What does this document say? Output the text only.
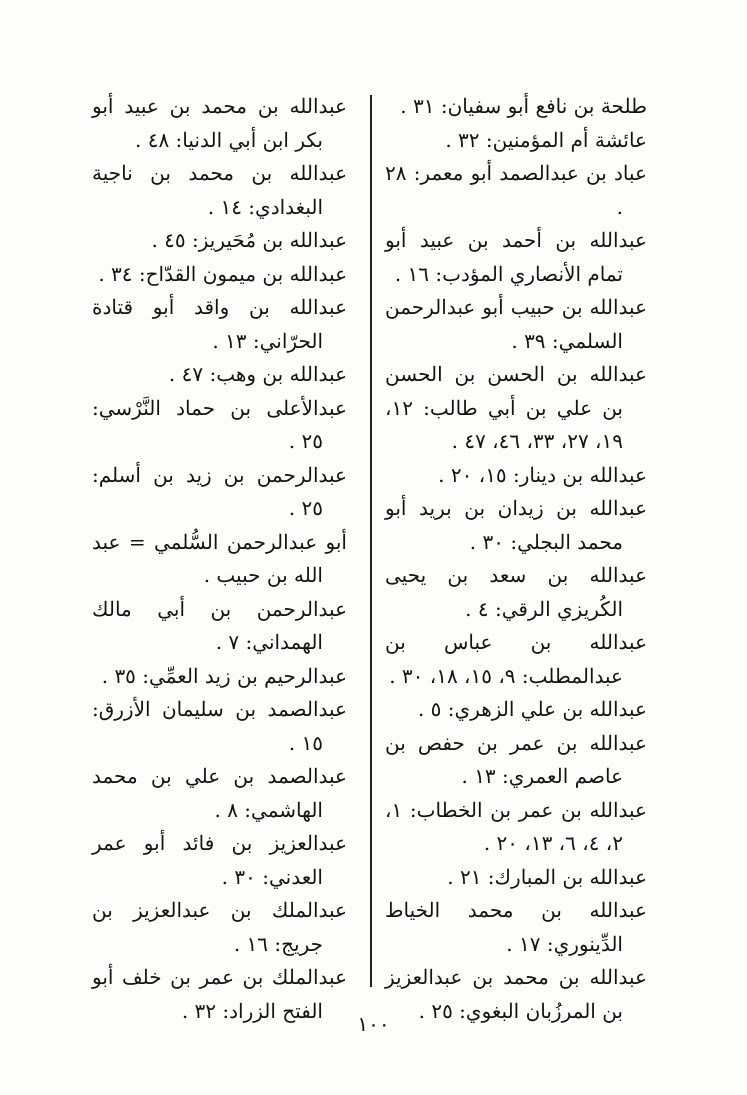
طلحة بن نافع أبو سفيان: ٣١ .

عائشة أم المؤمنين: ٣٢ .

عباد بن عبدالصمد أبو معمر: ٢٨ .

عبدالله بن أحمد بن عبيد أبو تمام الأنصاري المؤدب: ١٦ .

عبدالله بن حبيب أبو عبدالرحمن السلمي: ٣٩ .

عبدالله بن الحسن بن الحسن بن علي بن أبي طالب: ١٢، ١٩، ٢٧، ٣٣، ٤٦، ٤٧ .

عبدالله بن دينار: ١٥، ٢٠ .

عبدالله بن زيدان بن بريد أبو محمد البجلي: ٣٠ .

عبدالله بن سعد بن يحيى الكُريزي الرقي: ٤ .

عبدالله بن عباس بن عبدالمطلب: ٩، ١٥، ١٨، ٣٠ .

عبدالله بن علي الزهري: ٥ .

عبدالله بن عمر بن حفص بن عاصم العمري: ١٣ .

عبدالله بن عمر بن الخطاب: ١، ٢، ٤، ٦، ١٣، ٢٠ .

عبدالله بن المبارك: ٢١ .

عبدالله بن محمد الخياط الدِّينوري: ١٧ .

عبدالله بن محمد بن عبدالعزيز بن المرزُبان البغوي: ٢٥ .

عبدالله بن محمد بن عبيد أبو بكر ابن أبي الدنيا: ٤٨ .

عبدالله بن محمد بن ناجية البغدادي: ١٤ .

عبدالله بن مُحَيريز: ٤٥ .

عبدالله بن ميمون القدّاح: ٣٤ .

عبدالله بن واقد أبو قتادة الحرّاني: ١٣ .

عبدالله بن وهب: ٤٧ .

عبدالأعلى بن حماد النَّرْسي: ٢٥ .

عبدالرحمن بن زيد بن أسلم: ٢٥ .

أبو عبدالرحمن السُّلمي = عبد الله بن حبيب .

عبدالرحمن بن أبي مالك الهمداني: ٧ .

عبدالرحيم بن زيد العمِّي: ٣٥ .

عبدالصمد بن سليمان الأزرق: ١٥ .

عبدالصمد بن علي بن محمد الهاشمي: ٨ .

عبدالعزيز بن فائد أبو عمر العدني: ٣٠ .

عبدالملك بن عبدالعزيز بن جريج: ١٦ .

عبدالملك بن عمر بن خلف أبو الفتح الزراد: ٣٢ .

١٠٠
